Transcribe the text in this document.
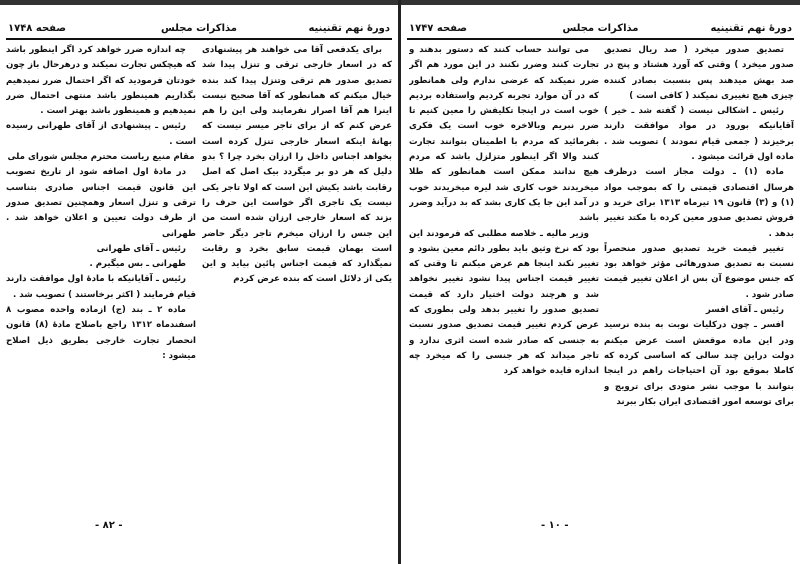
دورهٔ نهم تقنینیه
مذاکرات مجلس
صفحه ۱۷۴۸

برای یکدفعی آقا می خواهند هر پیشنهادی که در اسعار خارجی ترقی و تنزل پیدا شد تصدیق صدور هم ترقی وتنزل پیدا کند بنده خیال میکنم که همانطور که آقا صحیح نیست اینرا هم آقا اصرار نفرمایند ولی این را هم عرض کنم که از برای تاجر میسر نیست که بهانهٔ اینکه اسعار خارجی تنزل کرده است بخواهد اجناس داخل را ارزان بخرد چرا ؟ بدو دلیل که هر دو بر میگردد بیک اصل که اصل رقابت باشد یکیش این است که اولا تاجر یکی نیست یک تاجری اگر خواست این حرف را بزند که اسعار خارجی ارزان شده است من این جنس را ارزان میخرم تاجر دیگر حاضر است بهمان قیمت سابق بخرد و رقابت نمیگذارد که قیمت اجناس پائین بیاید و این یکی از دلائل است که بنده عرض کردم

چه اندازه ضرر خواهد کرد اگر اینطور باشد که هیچکس تجارت نمیکند و درهرحال باز چون خودتان فرمودید که اگر احتمال ضرر نمیدهیم بگذاریم همینطور باشد منتهی احتمال ضرر نمیدهیم و همینطور باشد بهتر است .

رئیس ـ پیشنهادی از آقای طهرانی رسیده است .

مقام منیع ریاست محترم مجلس شورای ملی

در مادهٔ اول اضافه شود از تاریخ تصویب این قانون قیمت اجناس صادری بتناسب ترقی و تنزل اسعار وهمچنین تصدیق صدور از طرف دولت تعیین و اعلان خواهد شد . طهرانی

رئیس ـ آقای طهرانی

طهرانی ـ بس میگیرم .

رئیس ـ آقایانیکه با مادهٔ اول موافقت دارند قیام فرمایند ( اکثر برخاستند ) تصویب شد .

ماده ۲ ـ بند (ج) ازماده واحده مصوب ۸ اسفندماه ۱۳۱۲ راجع باصلاح مادهٔ (۸) قانون انحصار تجارت خارجی بطریق ذیل اصلاح میشود :

- ۸۲ -
دورهٔ نهم تقنینیه
مذاکرات مجلس
صفحه ۱۷۴۷

تصدیق صدور میخرد ( صد ریال تصدیق صدور میخرد ) وقتی که آورد هشتاد و پنج در صد بهش میدهند پس بنسبت بصادر کننده چیزی هیچ تغییری نمیکند ( کافی است )

رئیس ـ اشکالی نیست ( گفته شد ـ خیر ) آقایانیکه بورود در مواد موافقت دارند برخیزند ( جمعی قیام نمودند ) تصویب شد . ماده اول قرائت میشود .

ماده (۱) ـ دولت مجاز است درظرف هرسال اقتصادی قیمتی را که بموجب مواد (۱) و (۳) قانون ۱۹ تیرماه ۱۳۱۳ برای خرید و فروش تصدیق صدور معین کرده با مکتد تغییر بدهد .

تغییر قیمت خرید تصدیق صدور منحصراً نسبت به تصدیق صدورهائی مؤثر خواهد بود که جنس موضوع آن بس از اعلان تغییر قیمت صادر شود .

رئیس ـ آقای افسر

افسر ـ چون درکلیات نوبت به بنده نرسید ودر این ماده موقعش است عرض میکنم دولت دراین چند سالی که اساسی کرده که کاملا بموقع بود آن احتیاجات راهم در اینجا بتوانند با موجب نشر متودی برای ترویج و برای توسعه امور اقتصادی ایران بکار ببرند

می توانند حساب کنند که دستور بدهند و تجارت کنند وضرر نکنند در این مورد هم اگر ضرر نمیکند که عرضی ندارم ولی همانطور که در آن موارد تجربه کردیم واستفاده بردیم خوب است در اینجا تکلیفش را معین کنیم تا ضرر نبریم وبالاخره خوب است یک فکری بفرمائید که مردم با اطمینان بتوانند تجارت کنند والا اگر اینطور متزلزل باشد که مردم هیچ ندانند ممکن است همانطور که طلا میخریدند خوب کاری شد لیره میخریدند خوب در آمد این جا یک کاری بشد که بد درآید وضرر باشد

وزیر مالیه ـ خلاصه مطلبی که فرمودند این بود که نرخ وثیق باید بطور دائم معین بشود و تغییر نکند اینجا هم عرض میکنم تا وقتی که تغییر قیمت اجناس پیدا نشود تغییر نخواهد شد و هرچند دولت اختیار دارد که قیمت تصدیق صدور را تغییر بدهد ولی بطوری که عرض کردم تغییر قیمت تصدیق صدور نسبت به جنسی که صادر شده است اثری ندارد و تاجر میداند که هر جنسی را که میخرد چه اندازه فایده خواهد کرد

- ۱۰ -
